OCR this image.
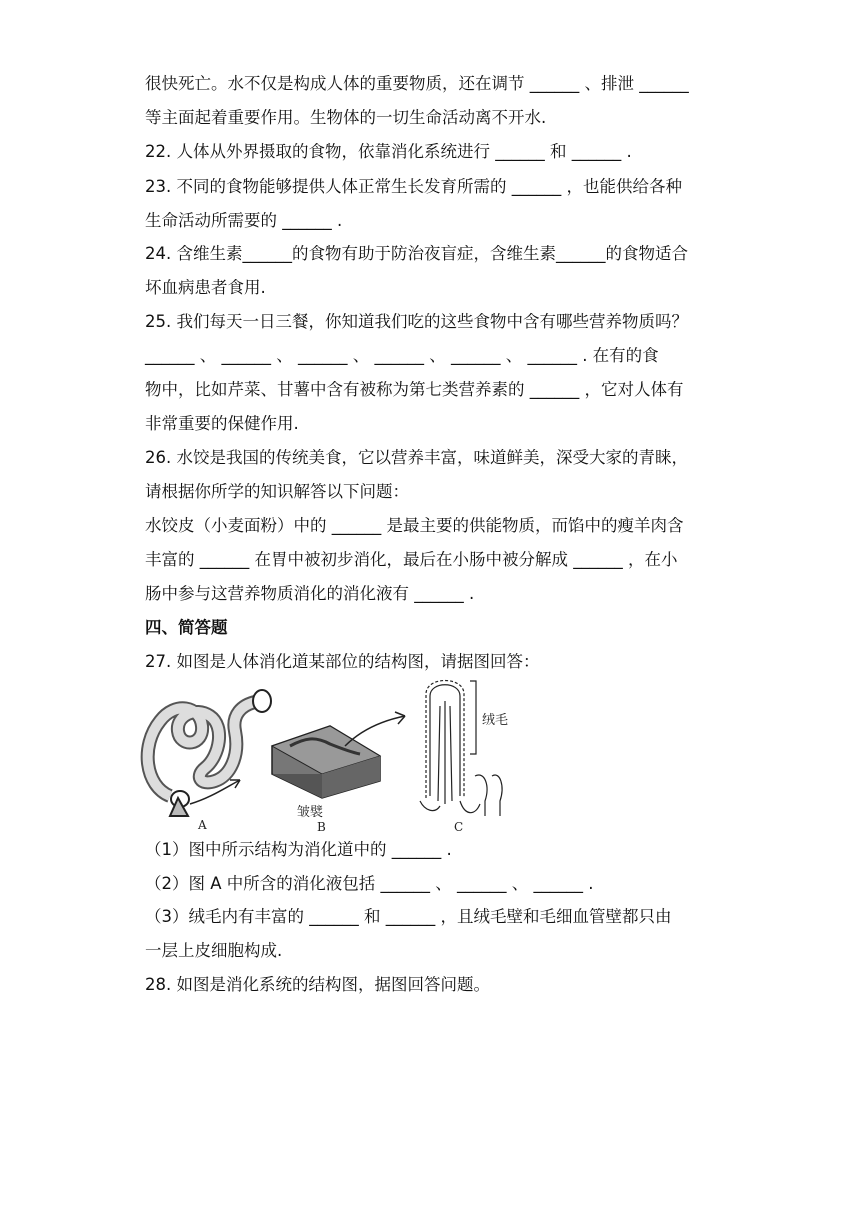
很快死亡。水不仅是构成人体的重要物质，还在调节 ______ 、排泄 ______
等主面起着重要作用。生物体的一切生命活动离不开水.
22. 人体从外界摄取的食物，依靠消化系统进行 ______ 和 ______ .
23. 不同的食物能够提供人体正常生长发育所需的 ______ ，也能供给各种
生命活动所需要的 ______ .
24. 含维生素______的食物有助于防治夜盲症，含维生素______的食物适合
坏血病患者食用.
25. 我们每天一日三餐，你知道我们吃的这些食物中含有哪些营养物质吗？
______ 、 ______ 、 ______ 、 ______ 、 ______ 、 ______ . 在有的食
物中，比如芹菜、甘薯中含有被称为第七类营养素的 ______ ，它对人体有
非常重要的保健作用.
26. 水饺是我国的传统美食，它以营养丰富，味道鲜美，深受大家的青睐，
请根据你所学的知识解答以下问题：
水饺皮（小麦面粉）中的 ______ 是最主要的供能物质，而馅中的瘦羊肉含
丰富的 ______ 在胃中被初步消化，最后在小肠中被分解成 ______ ，在小
肠中参与这营养物质消化的消化液有 ______ .
四、简答题
27. 如图是人体消化道某部位的结构图，请据图回答：
A
皱襞
B
绒毛
C
（1）图中所示结构为消化道中的 ______ .
（2）图 A 中所含的消化液包括 ______ 、 ______ 、 ______ .
（3）绒毛内有丰富的 ______ 和 ______ ，且绒毛壁和毛细血管壁都只由
一层上皮细胞构成.
28. 如图是消化系统的结构图，据图回答问题。
